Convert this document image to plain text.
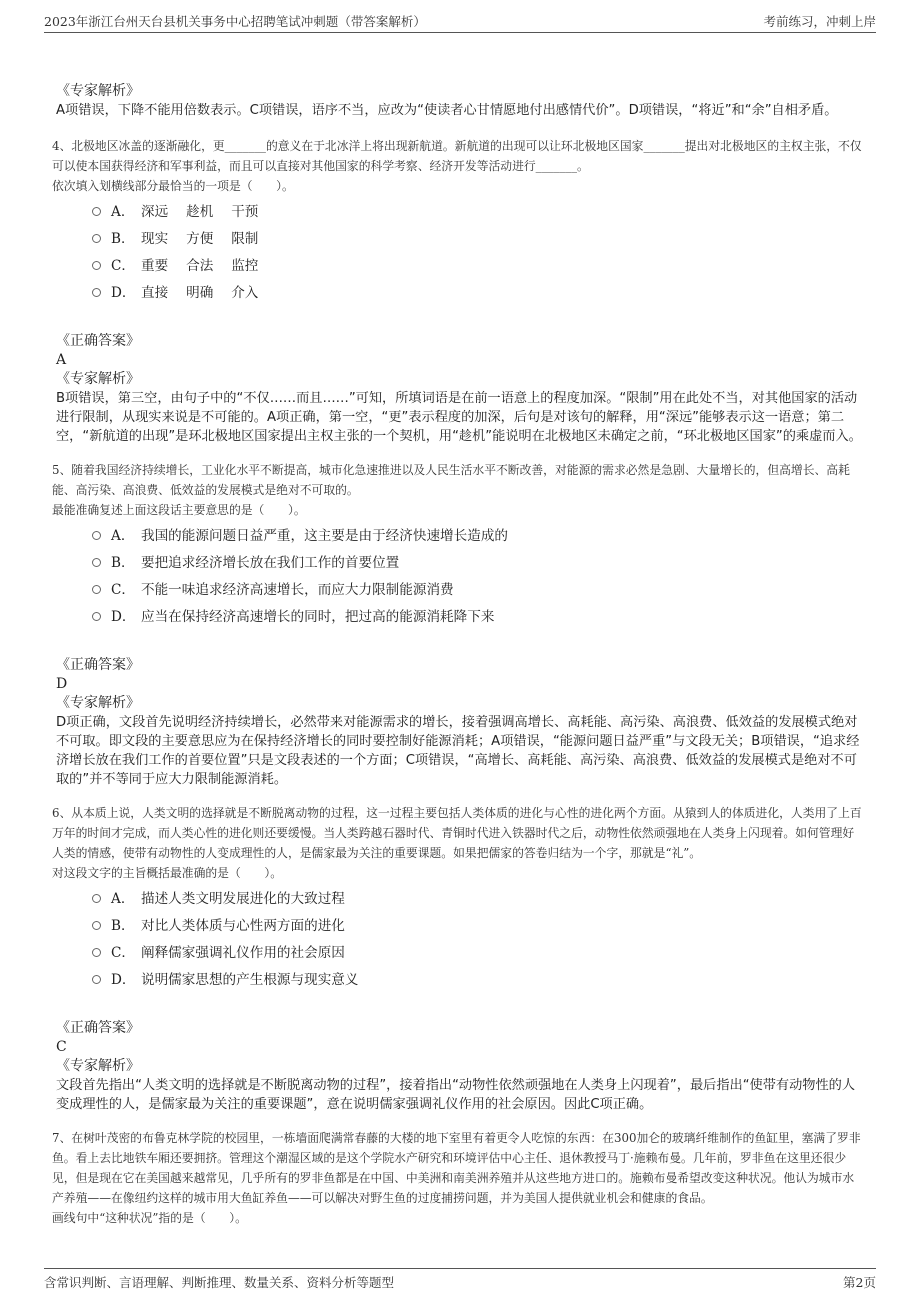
2023年浙江台州天台县机关事务中心招聘笔试冲刺题（带答案解析）	考前练习，冲刺上岸
《专家解析》
A项错误，下降不能用倍数表示。C项错误，语序不当，应改为“使读者心甘情愿地付出感情代价”。D项错误，“将近”和“余”自相矛盾。
4、北极地区冰盖的逐渐融化，更_______的意义在于北冰洋上将出现新航道。新航道的出现可以让环北极地区国家_______提出对北极地区的主权主张，不仅可以使本国获得经济和军事利益，而且可以直接对其他国家的科学考察、经济开发等活动进行_______。
依次填入划横线部分最恰当的一项是（　　）。
A． 深远　 趁机　 干预
B． 现实　 方便　 限制
C． 重要　 合法　 监控
D． 直接　 明确　 介入
《正确答案》
A
《专家解析》
B项错误，第三空，由句子中的“不仅……而且……”可知，所填词语是在前一语意上的程度加深。“限制”用在此处不当，对其他国家的活动进行限制，从现实来说是不可能的。A项正确，第一空，“更”表示程度的加深，后句是对该句的解释，用“深远”能够表示这一语意；第二空，“新航道的出现”是环北极地区国家提出主权主张的一个契机，用“趁机”能说明在北极地区未确定之前，“环北极地区国家”的乘虚而入。
5、随着我国经济持续增长，工业化水平不断提高，城市化急速推进以及人民生活水平不断改善，对能源的需求必然是急剧、大量增长的，但高增长、高耗能、高污染、高浪费、低效益的发展模式是绝对不可取的。
最能准确复述上面这段话主要意思的是（　　）。
A． 我国的能源问题日益严重，这主要是由于经济快速增长造成的
B． 要把追求经济增长放在我们工作的首要位置
C． 不能一味追求经济高速增长，而应大力限制能源消费
D． 应当在保持经济高速增长的同时，把过高的能源消耗降下来
《正确答案》
D
《专家解析》
D项正确，文段首先说明经济持续增长，必然带来对能源需求的增长，接着强调高增长、高耗能、高污染、高浪费、低效益的发展模式绝对不可取。即文段的主要意思应为在保持经济增长的同时要控制好能源消耗；A项错误，“能源问题日益严重”与文段无关；B项错误，“追求经济增长放在我们工作的首要位置”只是文段表述的一个方面；C项错误，“高增长、高耗能、高污染、高浪费、低效益的发展模式是绝对不可取的”并不等同于应大力限制能源消耗。
6、从本质上说，人类文明的选择就是不断脱离动物的过程，这一过程主要包括人类体质的进化与心性的进化两个方面。从猿到人的体质进化，人类用了上百万年的时间才完成，而人类心性的进化则还要缓慢。当人类跨越石器时代、青铜时代进入铁器时代之后，动物性依然顽强地在人类身上闪现着。如何管理好人类的情感，使带有动物性的人变成理性的人，是儒家最为关注的重要课题。如果把儒家的答卷归结为一个字，那就是“礼”。
对这段文字的主旨概括最准确的是（　　）。
A． 描述人类文明发展进化的大致过程
B． 对比人类体质与心性两方面的进化
C． 阐释儒家强调礼仪作用的社会原因
D． 说明儒家思想的产生根源与现实意义
《正确答案》
C
《专家解析》
文段首先指出“人类文明的选择就是不断脱离动物的过程”，接着指出“动物性依然顽强地在人类身上闪现着”，最后指出“使带有动物性的人变成理性的人，是儒家最为关注的重要课题”，意在说明儒家强调礼仪作用的社会原因。因此C项正确。
7、在树叶茂密的布鲁克林学院的校园里，一栋墙面爬满常春藤的大楼的地下室里有着更令人吃惊的东西：在300加仑的玻璃纤维制作的鱼缸里，塞满了罗非鱼。看上去比地铁车厢还要拥挤。管理这个潮湿区域的是这个学院水产研究和环境评估中心主任、退休教授马丁·施赖布曼。几年前，罗非鱼在这里还很少见，但是现在它在美国越来越常见，几乎所有的罗非鱼都是在中国、中美洲和南美洲养殖并从这些地方进口的。施赖布曼希望改变这种状况。他认为城市水产养殖——在像纽约这样的城市用大鱼缸养鱼——可以解决对野生鱼的过度捕捞问题，并为美国人提供就业机会和健康的食品。
画线句中“这种状况”指的是（　　）。
含常识判断、言语理解、判断推理、数量关系、资料分析等题型	第2页
